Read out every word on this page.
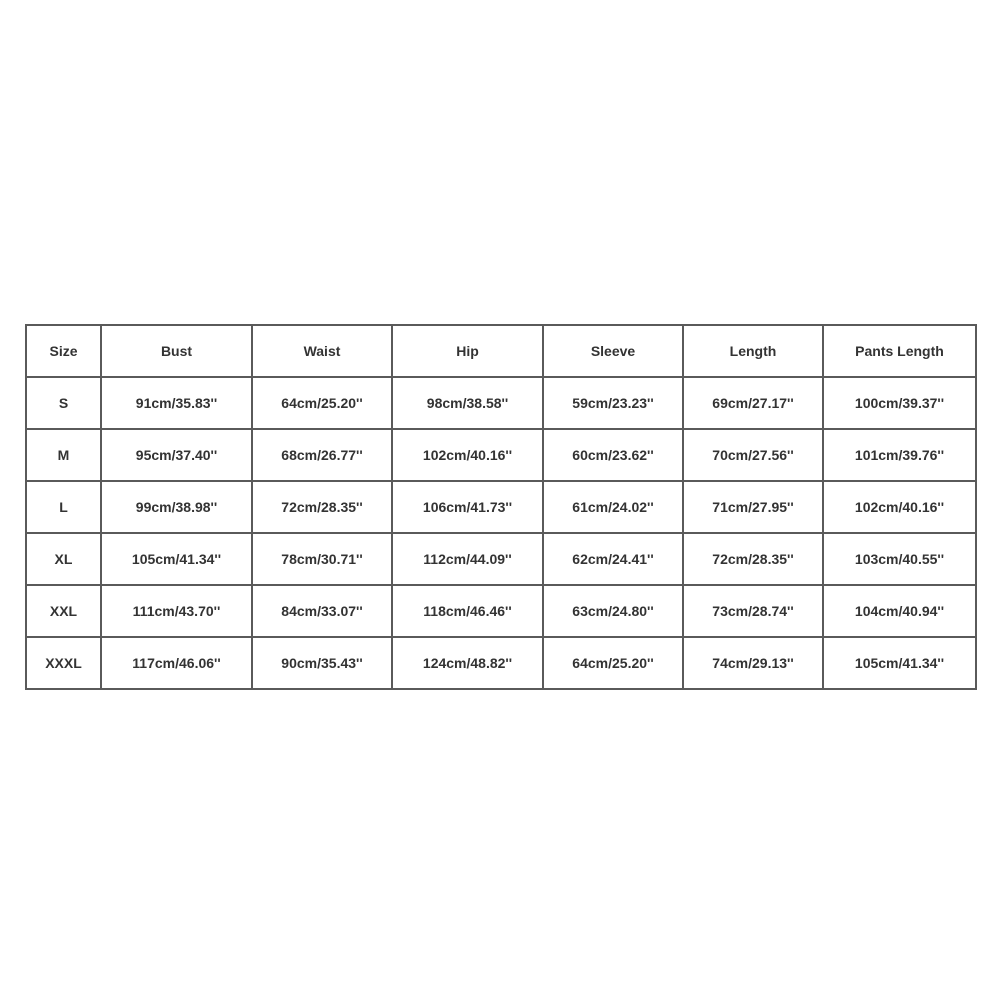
Size	Bust	Waist	Hip	Sleeve	Length	Pants Length
S	91cm/35.83''	64cm/25.20''	98cm/38.58''	59cm/23.23''	69cm/27.17''	100cm/39.37''
M	95cm/37.40''	68cm/26.77''	102cm/40.16''	60cm/23.62''	70cm/27.56''	101cm/39.76''
L	99cm/38.98''	72cm/28.35''	106cm/41.73''	61cm/24.02''	71cm/27.95''	102cm/40.16''
XL	105cm/41.34''	78cm/30.71''	112cm/44.09''	62cm/24.41''	72cm/28.35''	103cm/40.55''
XXL	111cm/43.70''	84cm/33.07''	118cm/46.46''	63cm/24.80''	73cm/28.74''	104cm/40.94''
XXXL	117cm/46.06''	90cm/35.43''	124cm/48.82''	64cm/25.20''	74cm/29.13''	105cm/41.34''
